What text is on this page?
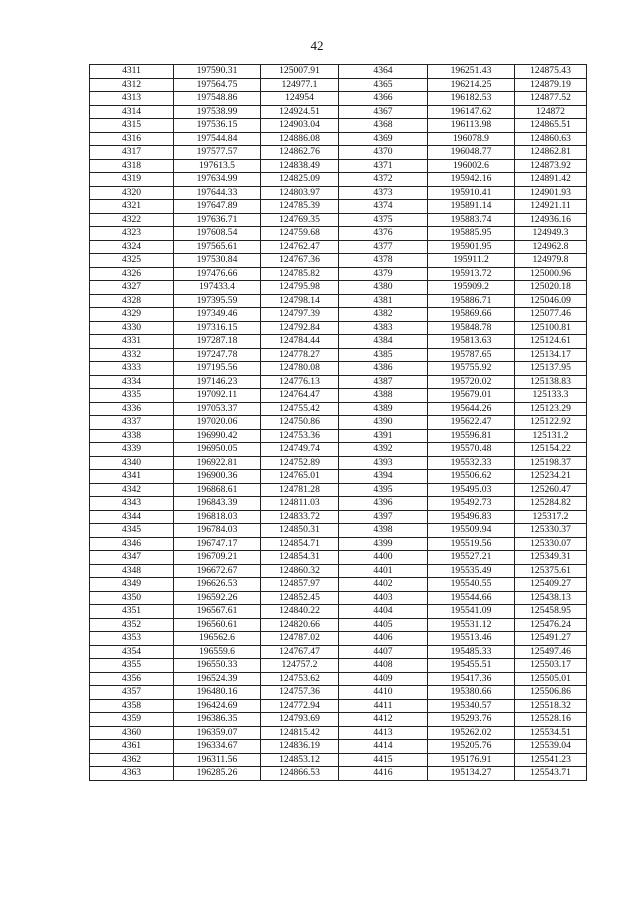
42
4311	197590.31	125007.91	4364	196251.43	124875.43
4312	197564.75	124977.1	4365	196214.25	124879.19
4313	197548.86	124954	4366	196182.53	124877.52
4314	197538.99	124924.51	4367	196147.62	124872
4315	197536.15	124903.04	4368	196113.98	124865.51
4316	197544.84	124886.08	4369	196078.9	124860.63
4317	197577.57	124862.76	4370	196048.77	124862.81
4318	197613.5	124838.49	4371	196002.6	124873.92
4319	197634.99	124825.09	4372	195942.16	124891.42
4320	197644.33	124803.97	4373	195910.41	124901.93
4321	197647.89	124785.39	4374	195891.14	124921.11
4322	197636.71	124769.35	4375	195883.74	124936.16
4323	197608.54	124759.68	4376	195885.95	124949.3
4324	197565.61	124762.47	4377	195901.95	124962.8
4325	197530.84	124767.36	4378	195911.2	124979.8
4326	197476.66	124785.82	4379	195913.72	125000.96
4327	197433.4	124795.98	4380	195909.2	125020.18
4328	197395.59	124798.14	4381	195886.71	125046.09
4329	197349.46	124797.39	4382	195869.66	125077.46
4330	197316.15	124792.84	4383	195848.78	125100.81
4331	197287.18	124784.44	4384	195813.63	125124.61
4332	197247.78	124778.27	4385	195787.65	125134.17
4333	197195.56	124780.08	4386	195755.92	125137.95
4334	197146.23	124776.13	4387	195720.02	125138.83
4335	197092.11	124764.47	4388	195679.01	125133.3
4336	197053.37	124755.42	4389	195644.26	125123.29
4337	197020.06	124750.86	4390	195622.47	125122.92
4338	196990.42	124753.36	4391	195596.81	125131.2
4339	196950.05	124749.74	4392	195570.48	125154.22
4340	196922.81	124752.89	4393	195532.33	125198.37
4341	196900.36	124765.01	4394	195506.62	125234.21
4342	196868.61	124781.28	4395	195495.03	125260.47
4343	196843.39	124811.03	4396	195492.73	125284.82
4344	196818.03	124833.72	4397	195496.83	125317.2
4345	196784.03	124850.31	4398	195509.94	125330.37
4346	196747.17	124854.71	4399	195519.56	125330.07
4347	196709.21	124854.31	4400	195527.21	125349.31
4348	196672.67	124860.32	4401	195535.49	125375.61
4349	196626.53	124857.97	4402	195540.55	125409.27
4350	196592.26	124852.45	4403	195544.66	125438.13
4351	196567.61	124840.22	4404	195541.09	125458.95
4352	196560.61	124820.66	4405	195531.12	125476.24
4353	196562.6	124787.02	4406	195513.46	125491.27
4354	196559.6	124767.47	4407	195485.33	125497.46
4355	196550.33	124757.2	4408	195455.51	125503.17
4356	196524.39	124753.62	4409	195417.36	125505.01
4357	196480.16	124757.36	4410	195380.66	125506.86
4358	196424.69	124772.94	4411	195340.57	125518.32
4359	196386.35	124793.69	4412	195293.76	125528.16
4360	196359.07	124815.42	4413	195262.02	125534.51
4361	196334.67	124836.19	4414	195205.76	125539.04
4362	196311.56	124853.12	4415	195176.91	125541.23
4363	196285.26	124866.53	4416	195134.27	125543.71
